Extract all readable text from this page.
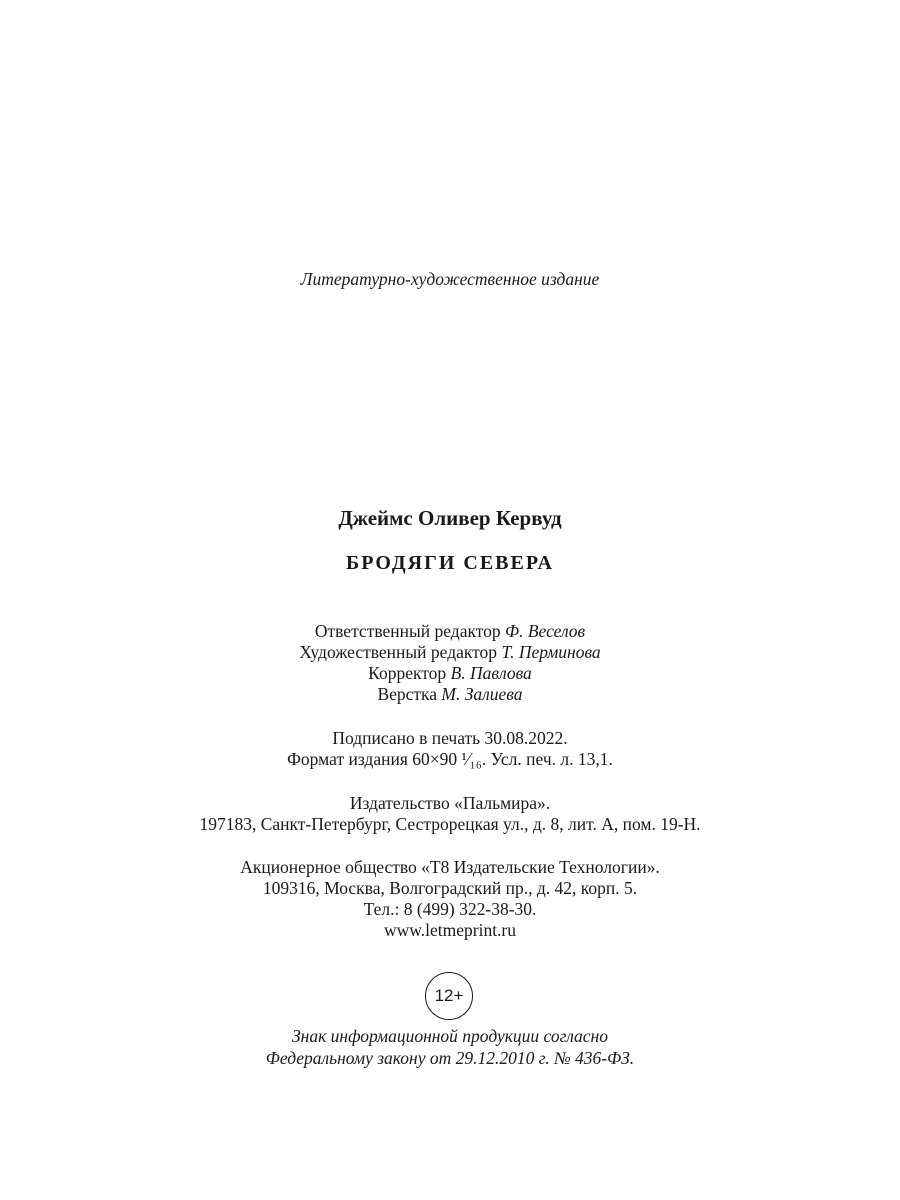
Литературно-художественное издание
Джеймс Оливер Кервуд
БРОДЯГИ СЕВЕРА
Ответственный редактор Ф. Веселов
Художественный редактор Т. Перминова
Корректор В. Павлова
Верстка М. Залиева
Подписано в печать 30.08.2022.
Формат издания 60×90 ¹⁄₁₆. Усл. печ. л. 13,1.
Издательство «Пальмира».
197183, Санкт-Петербург, Сестрорецкая ул., д. 8, лит. А, пом. 19-Н.
Акционерное общество «Т8 Издательские Технологии».
109316, Москва, Волгоградский пр., д. 42, корп. 5.
Тел.: 8 (499) 322-38-30.
www.letmeprint.ru
12+
Знак информационной продукции согласно
Федеральному закону от 29.12.2010 г. № 436-ФЗ.
